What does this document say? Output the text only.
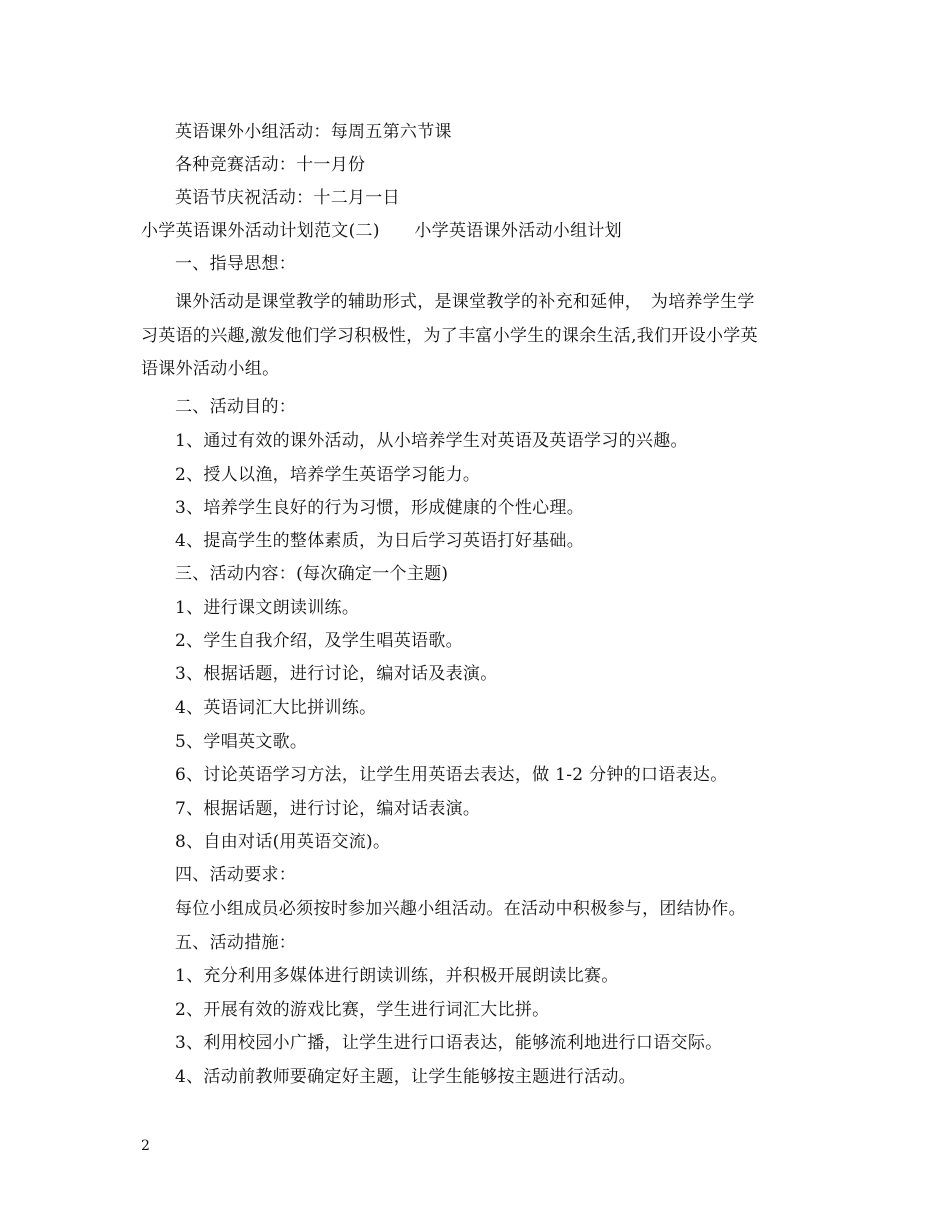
英语课外小组活动：每周五第六节课
各种竞赛活动：十一月份
英语节庆祝活动：十二月一日
小学英语课外活动计划范文(二)　　小学英语课外活动小组计划
一、指导思想：
课外活动是课堂教学的辅助形式，是课堂教学的补充和延伸，　为培养学生学
习英语的兴趣,激发他们学习积极性，为了丰富小学生的课余生活,我们开设小学英
语课外活动小组。
二、活动目的：
1、通过有效的课外活动，从小培养学生对英语及英语学习的兴趣。
2、授人以渔，培养学生英语学习能力。
3、培养学生良好的行为习惯，形成健康的个性心理。
4、提高学生的整体素质，为日后学习英语打好基础。
三、活动内容：(每次确定一个主题)
1、进行课文朗读训练。
2、学生自我介绍，及学生唱英语歌。
3、根据话题，进行讨论，编对话及表演。
4、英语词汇大比拼训练。
5、学唱英文歌。
6、讨论英语学习方法，让学生用英语去表达，做 1-2 分钟的口语表达。
7、根据话题，进行讨论，编对话表演。
8、自由对话(用英语交流)。
四、活动要求：
每位小组成员必须按时参加兴趣小组活动。在活动中积极参与，团结协作。
五、活动措施：
1、充分利用多媒体进行朗读训练，并积极开展朗读比赛。
2、开展有效的游戏比赛，学生进行词汇大比拼。
3、利用校园小广播，让学生进行口语表达，能够流利地进行口语交际。
4、活动前教师要确定好主题，让学生能够按主题进行活动。
2
